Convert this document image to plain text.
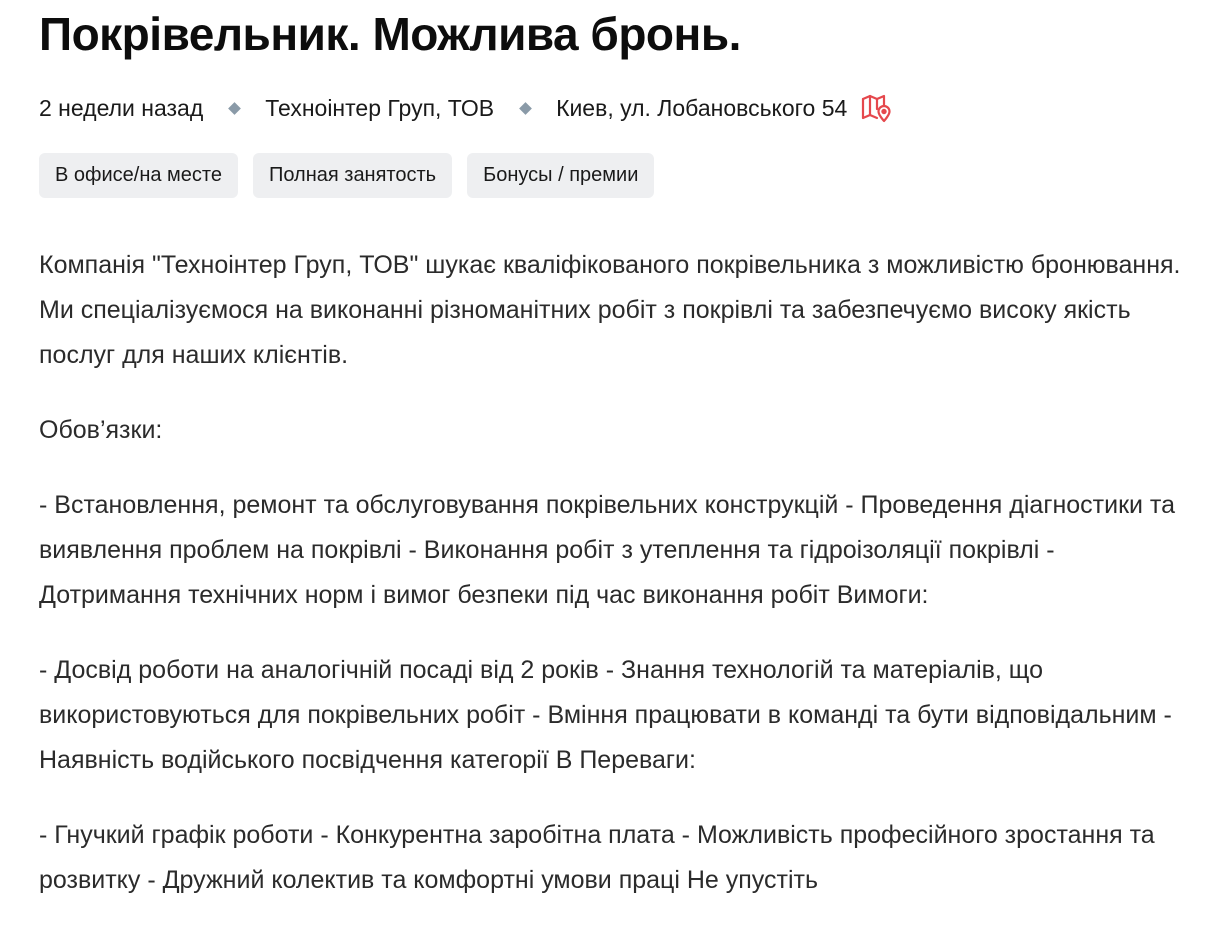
Покрівельник. Можлива бронь.
2 недели назад	Техноінтер Груп, ТОВ	Киев, ул. Лобановського 54
В офисе/на месте	Полная занятость	Бонусы / премии

Компанія "Техноінтер Груп, ТОВ" шукає кваліфікованого покрівельника з можливістю бронювання. Ми спеціалізуємося на виконанні різноманітних робіт з покрівлі та забезпечуємо високу якість послуг для наших клієнтів.

Обов’язки:

- Встановлення, ремонт та обслуговування покрівельних конструкцій - Проведення діагностики та виявлення проблем на покрівлі - Виконання робіт з утеплення та гідроізоляції покрівлі - Дотримання технічних норм і вимог безпеки під час виконання робіт Вимоги:

- Досвід роботи на аналогічній посаді від 2 років - Знання технологій та матеріалів, що використовуються для покрівельних робіт - Вміння працювати в команді та бути відповідальним - Наявність водійського посвідчення категорії В Переваги:

- Гнучкий графік роботи - Конкурентна заробітна плата - Можливість професійного зростання та розвитку - Дружний колектив та комфортні умови праці Не упустіть
